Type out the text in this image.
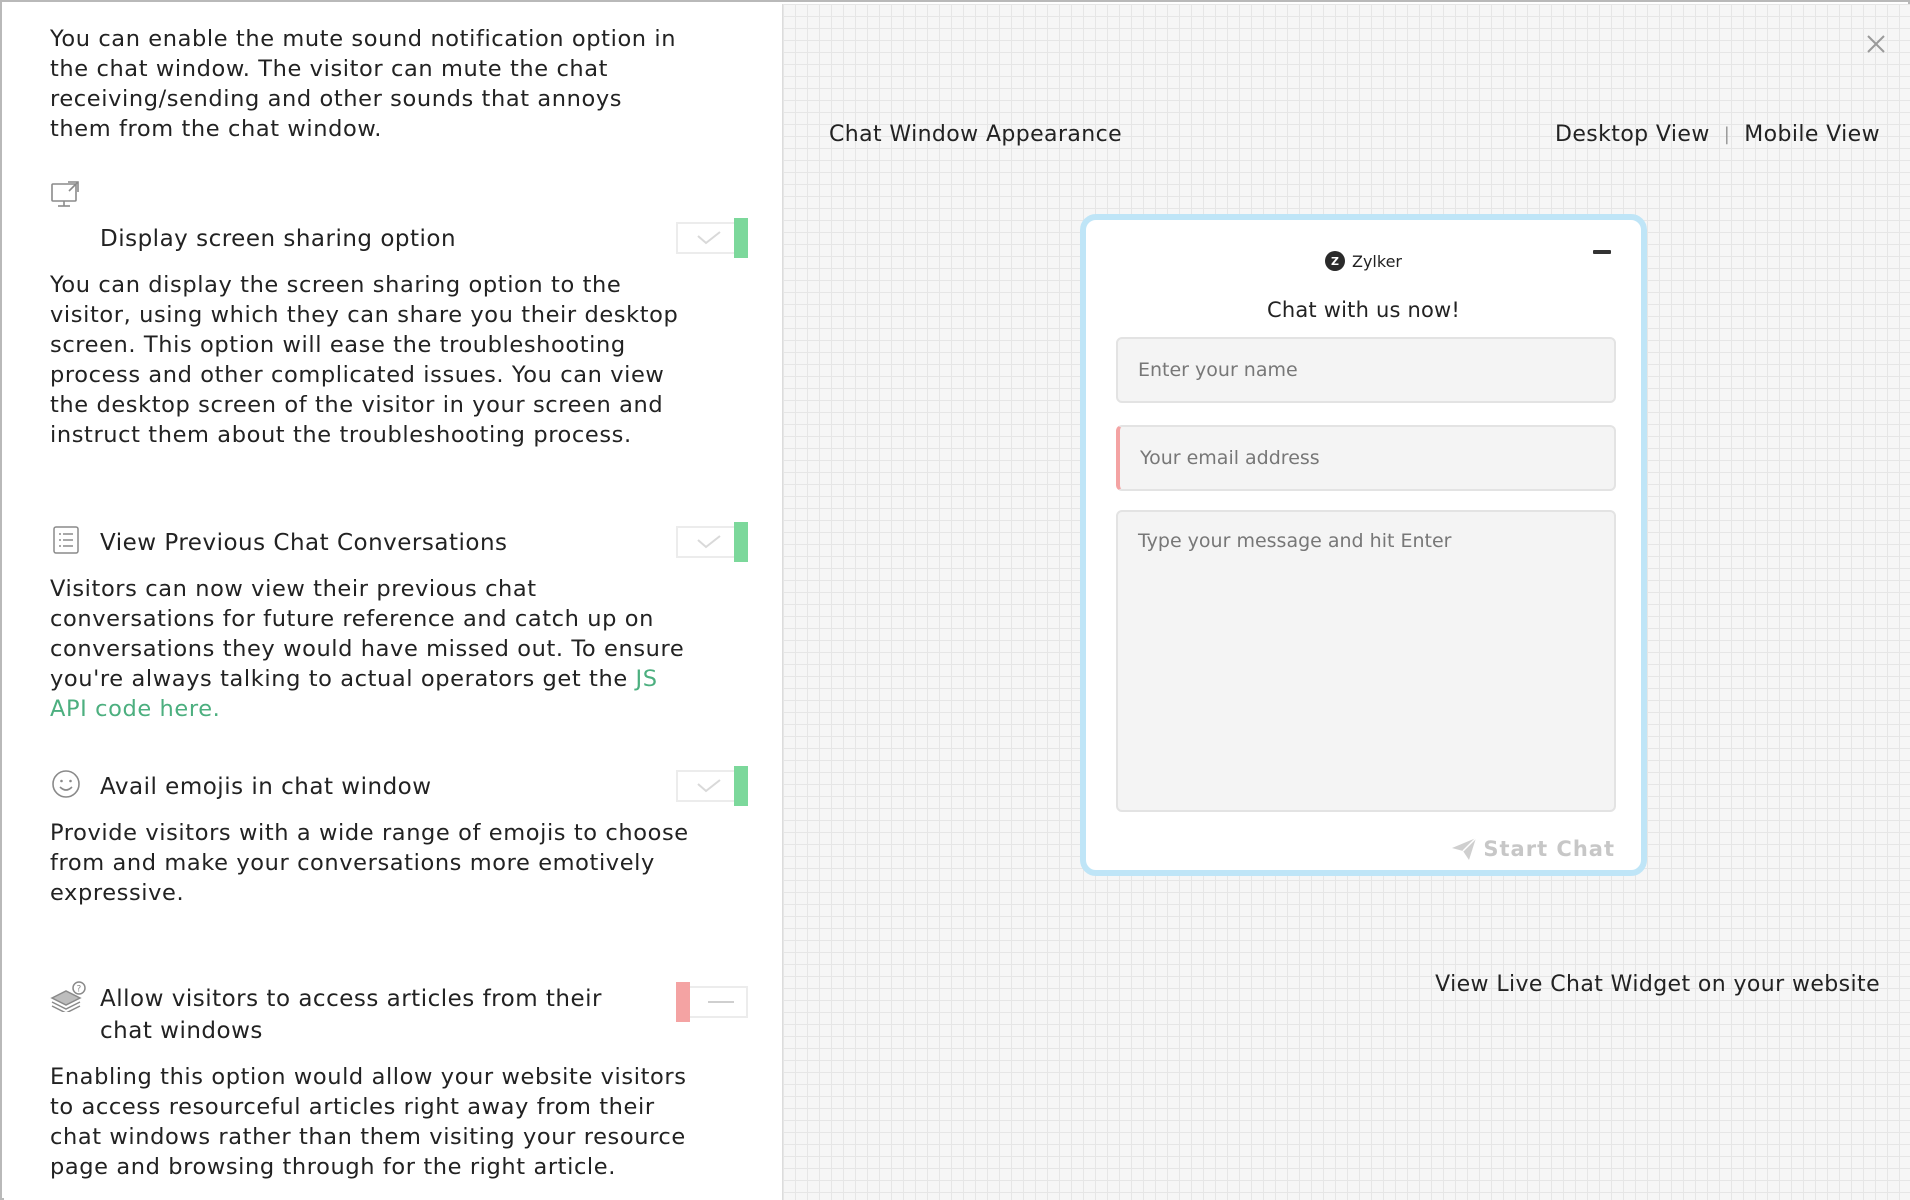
You can enable the mute sound notification option in the chat window. The visitor can mute the chat receiving/sending and other sounds that annoys them from the chat window.

Display screen sharing option

You can display the screen sharing option to the visitor, using which they can share you their desktop screen. This option will ease the troubleshooting process and other complicated issues. You can view the desktop screen of the visitor in your screen and instruct them about the troubleshooting process.

View Previous Chat Conversations

Visitors can now view their previous chat conversations for future reference and catch up on conversations they would have missed out. To ensure you're always talking to actual operators get the JS API code here.

Avail emojis in chat window

Provide visitors with a wide range of emojis to choose from and make your conversations more emotively expressive.

? Allow visitors to access articles from their chat windows

Enabling this option would allow your website visitors to access resourceful articles right away from their chat windows rather than them visiting your resource page and browsing through for the right article.

Chat Window Appearance	Desktop View | Mobile View
Z Zylker
Chat with us now!
Enter your name
Your email address
Type your message and hit Enter
Start Chat
View Live Chat Widget on your website
